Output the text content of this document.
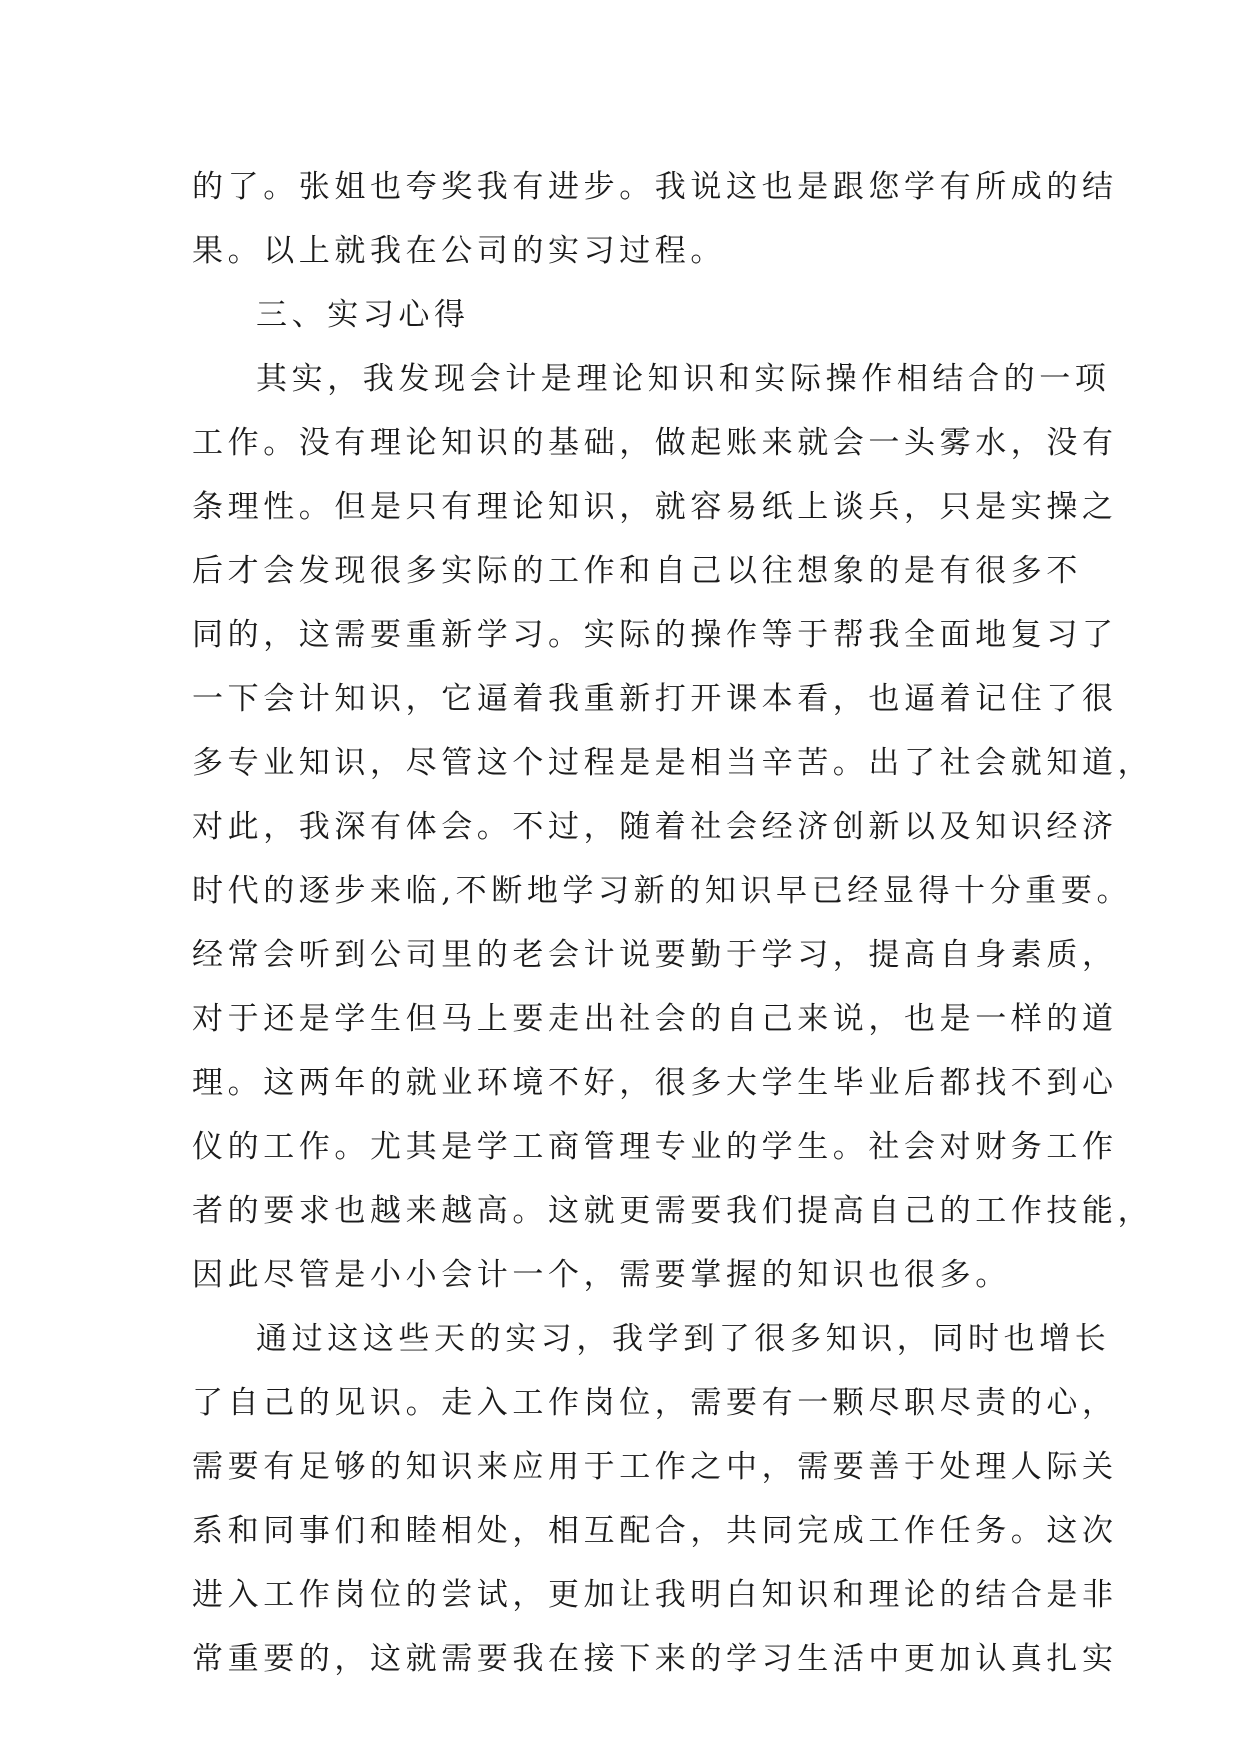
的了。张姐也夸奖我有进步。我说这也是跟您学有所成的结
果。以上就我在公司的实习过程。
三、实习心得
其实，我发现会计是理论知识和实际操作相结合的一项
工作。没有理论知识的基础，做起账来就会一头雾水，没有
条理性。但是只有理论知识，就容易纸上谈兵，只是实操之
后才会发现很多实际的工作和自己以往想象的是有很多不
同的，这需要重新学习。实际的操作等于帮我全面地复习了
一下会计知识，它逼着我重新打开课本看，也逼着记住了很
多专业知识，尽管这个过程是是相当辛苦。出了社会就知道，
对此，我深有体会。不过，随着社会经济创新以及知识经济
时代的逐步来临,不断地学习新的知识早已经显得十分重要。
经常会听到公司里的老会计说要勤于学习，提高自身素质，
对于还是学生但马上要走出社会的自己来说，也是一样的道
理。这两年的就业环境不好，很多大学生毕业后都找不到心
仪的工作。尤其是学工商管理专业的学生。社会对财务工作
者的要求也越来越高。这就更需要我们提高自己的工作技能，
因此尽管是小小会计一个，需要掌握的知识也很多。
通过这这些天的实习，我学到了很多知识，同时也增长
了自己的见识。走入工作岗位，需要有一颗尽职尽责的心，
需要有足够的知识来应用于工作之中，需要善于处理人际关
系和同事们和睦相处，相互配合，共同完成工作任务。这次
进入工作岗位的尝试，更加让我明白知识和理论的结合是非
常重要的，这就需要我在接下来的学习生活中更加认真扎实
